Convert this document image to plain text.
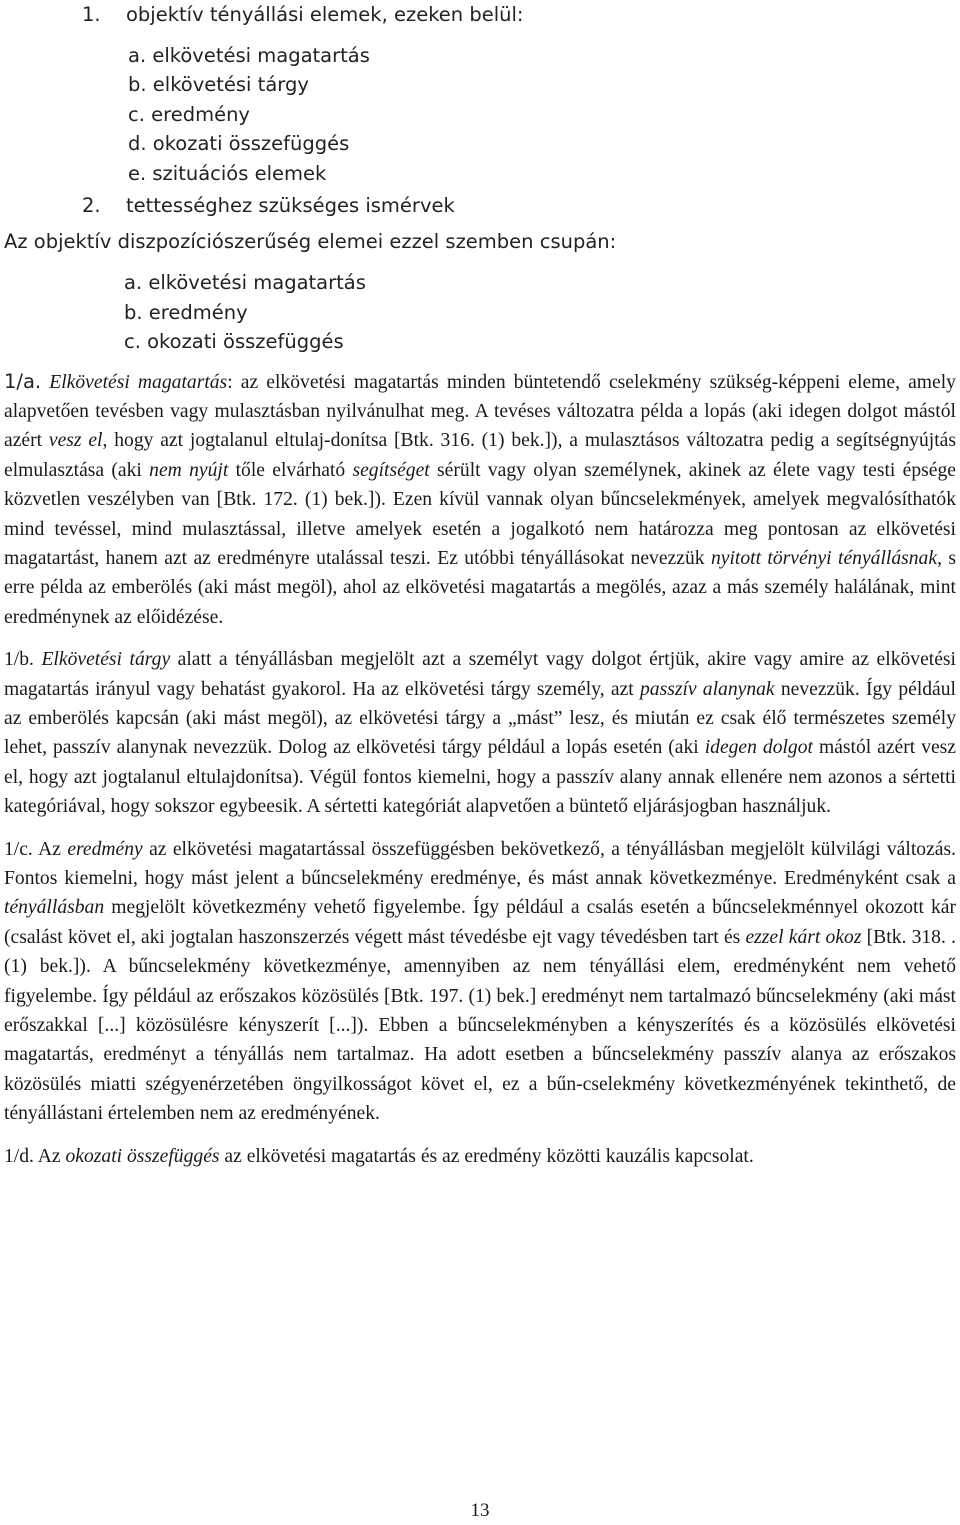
1. objektív tényállási elemek, ezeken belül:
a. elkövetési magatartás
b. elkövetési tárgy
c. eredmény
d. okozati összefüggés
e. szituációs elemek
2. tettességhez szükséges ismérvek
Az objektív diszpozíciószerűség elemei ezzel szemben csupán:
a. elkövetési magatartás
b. eredmény
c. okozati összefüggés

1/a. Elkövetési magatartás: az elkövetési magatartás minden büntetendő cselekmény szükség-képpeni eleme, amely alapvetően tevésben vagy mulasztásban nyilvánulhat meg. A tevéses változatra példa a lopás (aki idegen dolgot mástól azért vesz el, hogy azt jogtalanul eltulaj-donítsa [Btk. 316. (1) bek.]), a mulasztásos változatra pedig a segítségnyújtás elmulasztása (aki nem nyújt tőle elvárható segítséget sérült vagy olyan személynek, akinek az élete vagy testi épsége közvetlen veszélyben van [Btk. 172. (1) bek.]). Ezen kívül vannak olyan bűncselekmények, amelyek megvalósíthatók mind tevéssel, mind mulasztással, illetve amelyek esetén a jogalkotó nem határozza meg pontosan az elkövetési magatartást, hanem azt az eredményre utalással teszi. Ez utóbbi tényállásokat nevezzük nyitott törvényi tényállásnak, s erre példa az emberölés (aki mást megöl), ahol az elkövetési magatartás a megölés, azaz a más személy halálának, mint eredménynek az előidézése.

1/b. Elkövetési tárgy alatt a tényállásban megjelölt azt a személyt vagy dolgot értjük, akire vagy amire az elkövetési magatartás irányul vagy behatást gyakorol. Ha az elkövetési tárgy személy, azt passzív alanynak nevezzük. Így például az emberölés kapcsán (aki mást megöl), az elkövetési tárgy a „mást” lesz, és miután ez csak élő természetes személy lehet, passzív alanynak nevezzük. Dolog az elkövetési tárgy például a lopás esetén (aki idegen dolgot mástól azért vesz el, hogy azt jogtalanul eltulajdonítsa). Végül fontos kiemelni, hogy a passzív alany annak ellenére nem azonos a sértetti kategóriával, hogy sokszor egybeesik. A sértetti kategóriát alapvetően a büntető eljárásjogban használjuk.

1/c. Az eredmény az elkövetési magatartással összefüggésben bekövetkező, a tényállásban megjelölt külvilági változás. Fontos kiemelni, hogy mást jelent a bűncselekmény eredménye, és mást annak következménye. Eredményként csak a tényállásban megjelölt következmény vehető figyelembe. Így például a csalás esetén a bűncselekménnyel okozott kár (csalást követ el, aki jogtalan haszonszerzés végett mást tévedésbe ejt vagy tévedésben tart és ezzel kárt okoz [Btk. 318. . (1) bek.]). A bűncselekmény következménye, amennyiben az nem tényállási elem, eredményként nem vehető figyelembe. Így például az erőszakos közösülés [Btk. 197. (1) bek.] eredményt nem tartalmazó bűncselekmény (aki mást erőszakkal [...] közösülésre kényszerít [...]). Ebben a bűncselekményben a kényszerítés és a közösülés elkövetési magatartás, eredményt a tényállás nem tartalmaz. Ha adott esetben a bűncselekmény passzív alanya az erőszakos közösülés miatti szégyenérzetében öngyilkosságot követ el, ez a bűn-cselekmény következményének tekinthető, de tényállástani értelemben nem az eredményének.

1/d. Az okozati összefüggés az elkövetési magatartás és az eredmény közötti kauzális kapcsolat.

13
